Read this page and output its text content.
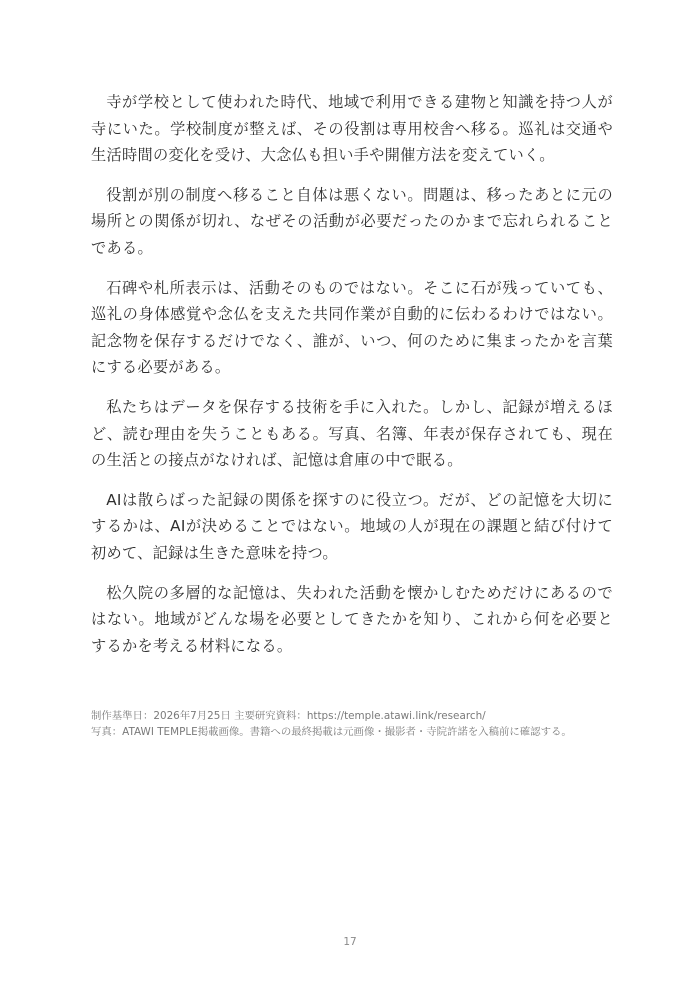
寺が学校として使われた時代、地域で利用できる建物と知識を持つ人が寺にいた。学校制度が整えば、その役割は専用校舎へ移る。巡礼は交通や生活時間の変化を受け、大念仏も担い手や開催方法を変えていく。

役割が別の制度へ移ること自体は悪くない。問題は、移ったあとに元の場所との関係が切れ、なぜその活動が必要だったのかまで忘れられることである。

石碑や札所表示は、活動そのものではない。そこに石が残っていても、巡礼の身体感覚や念仏を支えた共同作業が自動的に伝わるわけではない。記念物を保存するだけでなく、誰が、いつ、何のために集まったかを言葉にする必要がある。

私たちはデータを保存する技術を手に入れた。しかし、記録が増えるほど、読む理由を失うこともある。写真、名簿、年表が保存されても、現在の生活との接点がなければ、記憶は倉庫の中で眠る。

AIは散らばった記録の関係を探すのに役立つ。だが、どの記憶を大切にするかは、AIが決めることではない。地域の人が現在の課題と結び付けて初めて、記録は生きた意味を持つ。

松久院の多層的な記憶は、失われた活動を懐かしむためだけにあるのではない。地域がどんな場を必要としてきたかを知り、これから何を必要とするかを考える材料になる。

制作基準日：2026年7月25日 主要研究資料：https://temple.atawi.link/research/

写真：ATAWI TEMPLE掲載画像。書籍への最終掲載は元画像・撮影者・寺院許諾を入稿前に確認する。

17
